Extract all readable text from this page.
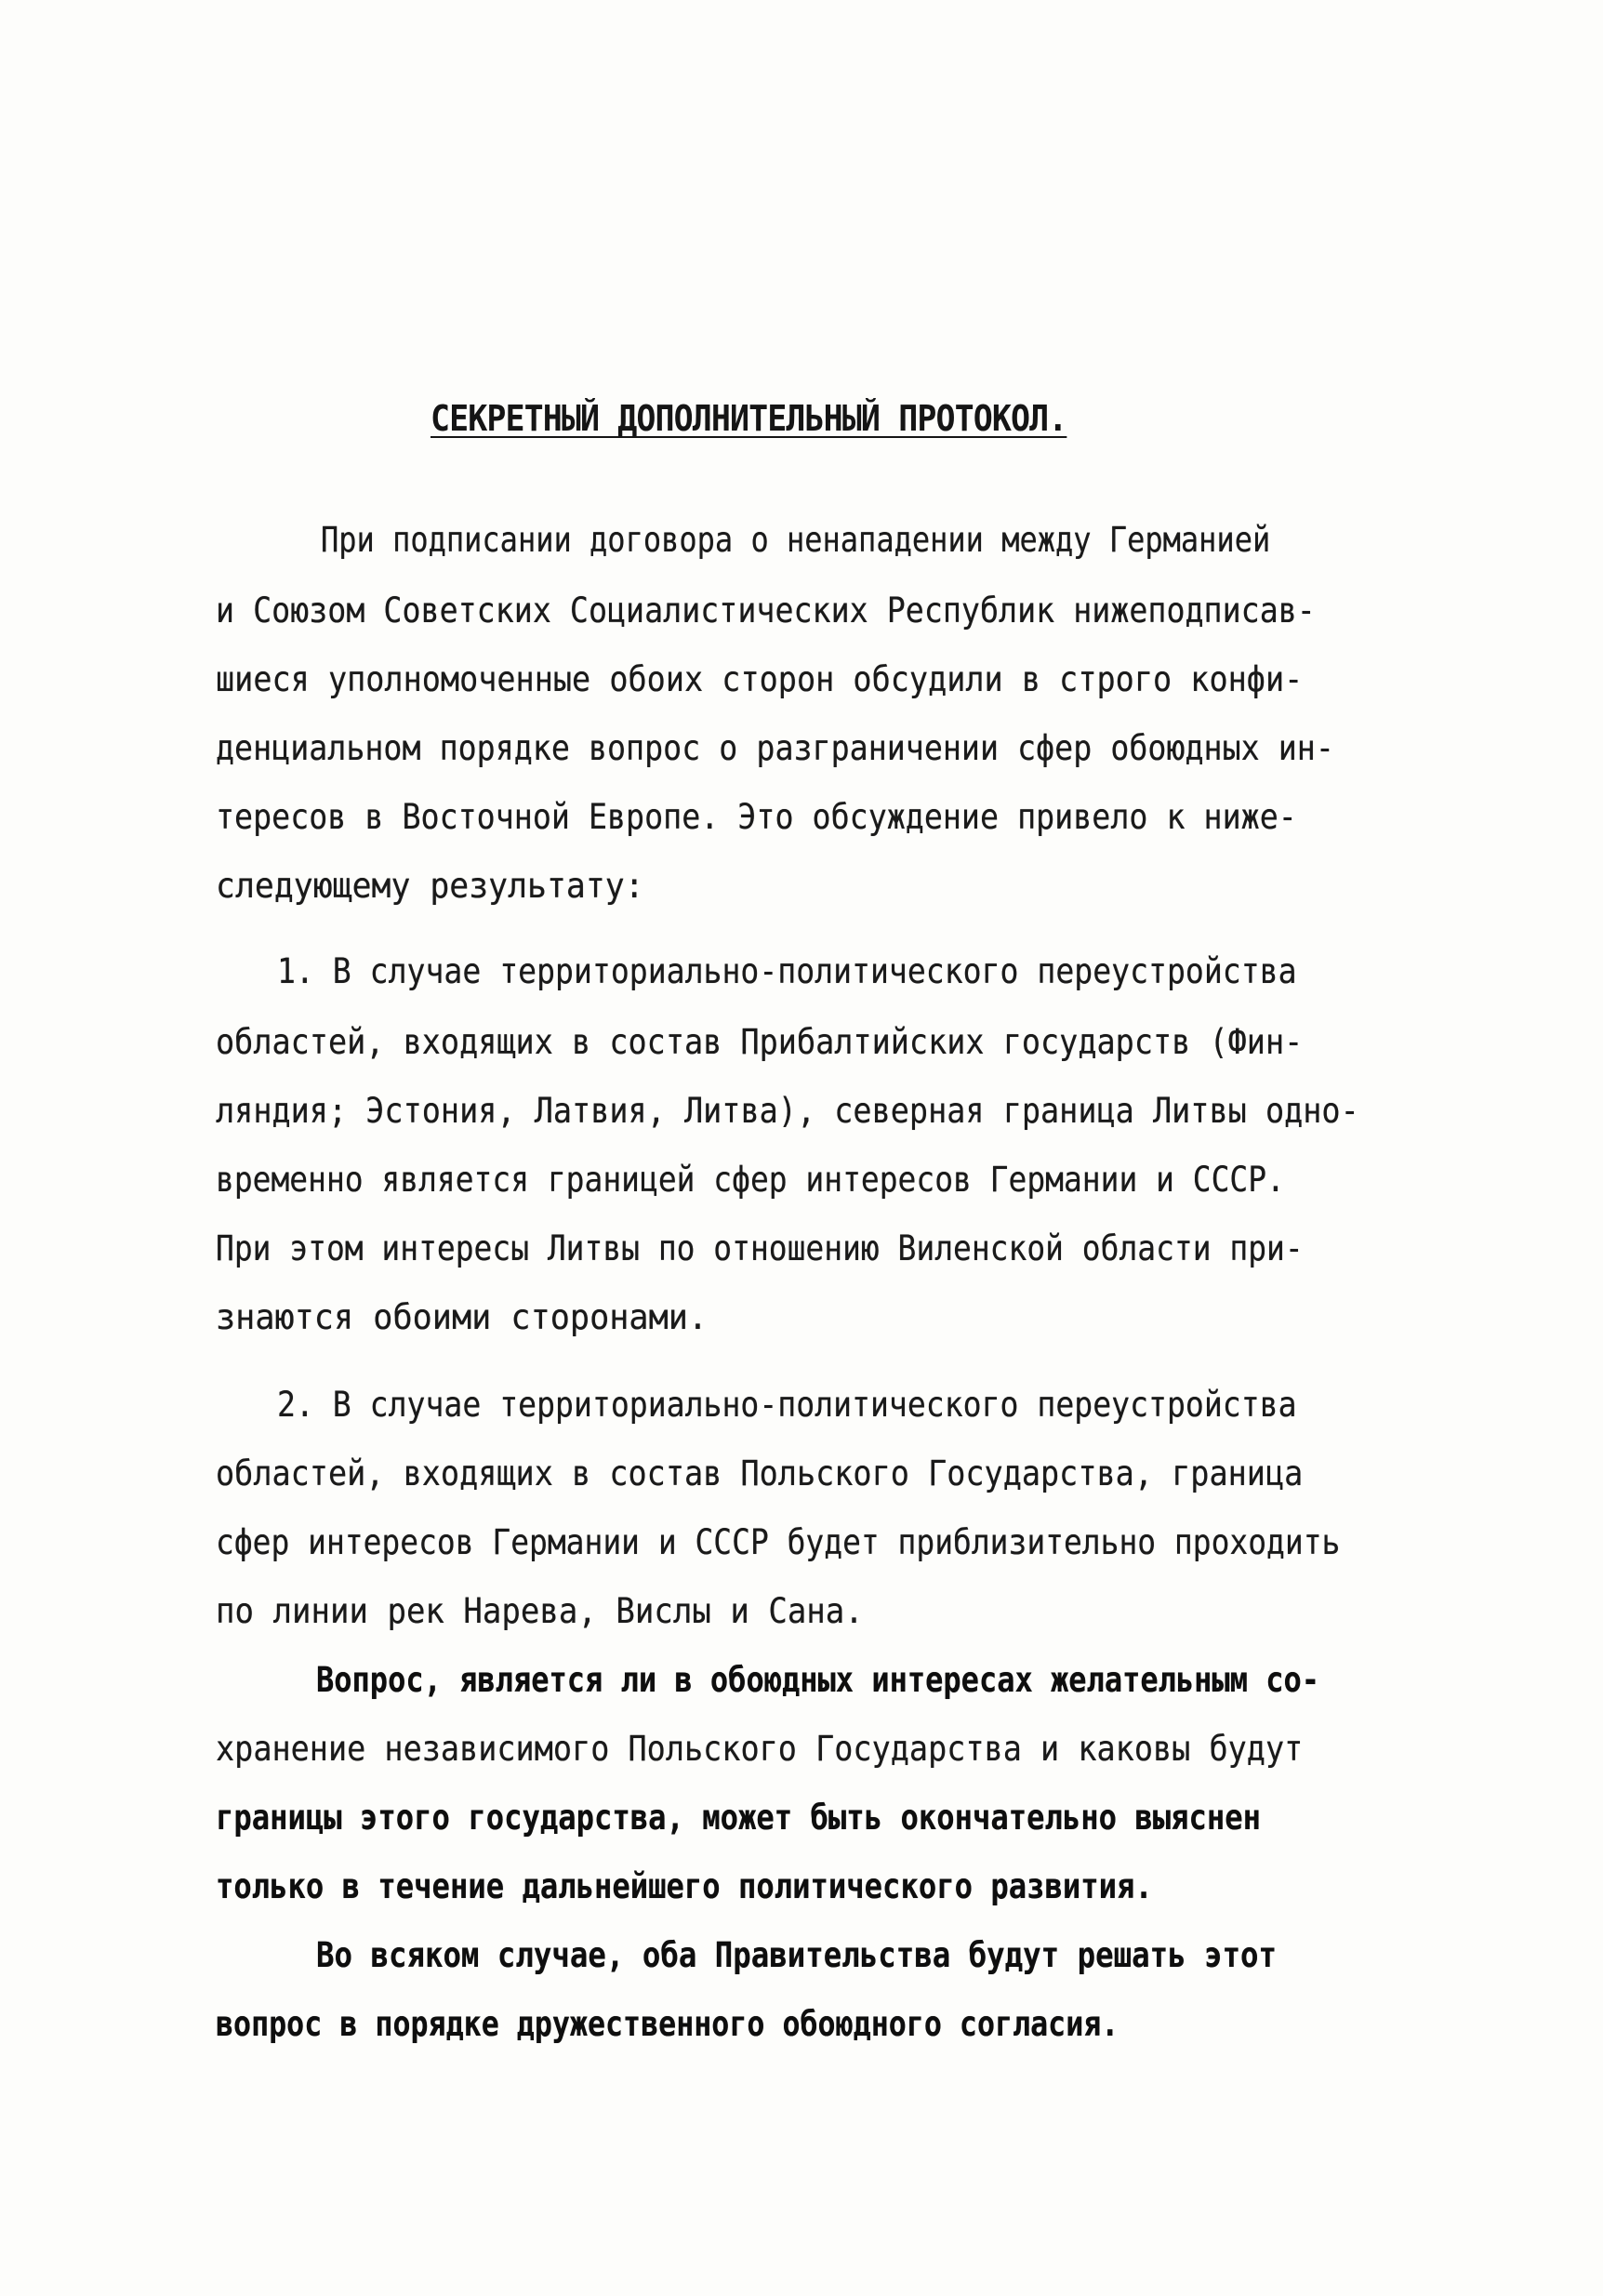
СЕКРЕТНЫЙ ДОПОЛНИТЕЛЬНЫЙ ПРОТОКОЛ.
При подписании договора о ненападении между Германией
и Союзом Советских Социалистических Республик нижеподписав-
шиеся уполномоченные обоих сторон обсудили в строго конфи-
денциальном порядке вопрос о разграничении сфер обоюдных ин-
тересов в Восточной Европе. Это обсуждение привело к ниже-
следующему результату:
1. В случае территориально-политического переустройства
областей, входящих в состав Прибалтийских государств (Фин-
ляндия; Эстония, Латвия, Литва), северная граница Литвы одно-
временно является границей сфер интересов Германии и СССР.
При этом интересы Литвы по отношению Виленской области при-
знаются обоими сторонами.
2. В случае территориально-политического переустройства
областей, входящих в состав Польского Государства, граница
сфер интересов Германии и СССР будет приблизительно проходить
по линии рек Нарева, Вислы и Сана.
Вопрос, является ли в обоюдных интересах желательным со-
хранение независимого Польского Государства и каковы будут
границы этого государства, может быть окончательно выяснен
только в течение дальнейшего политического развития.
Во всяком случае, оба Правительства будут решать этот
вопрос в порядке дружественного обоюдного согласия.
